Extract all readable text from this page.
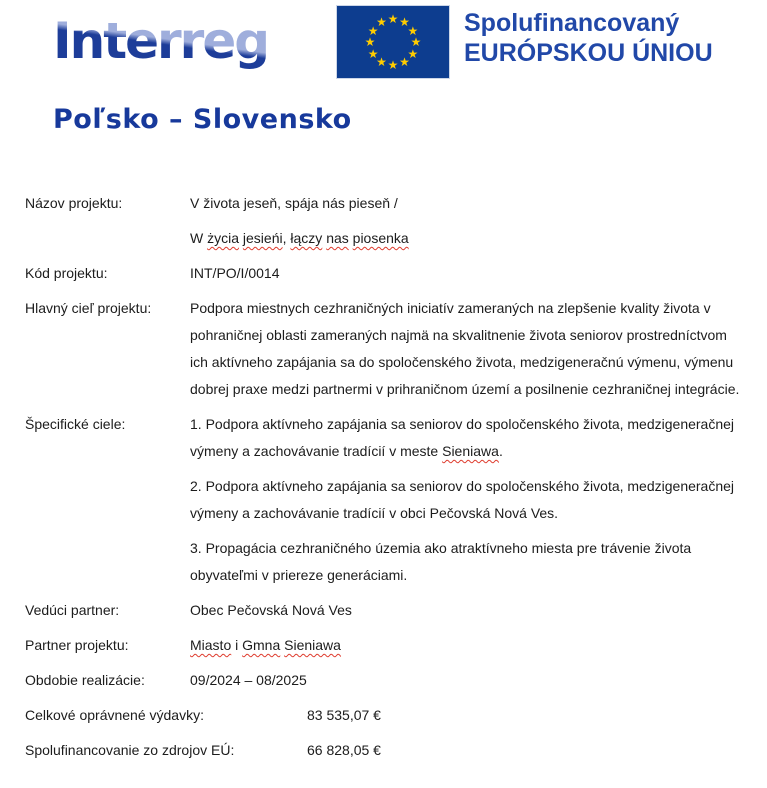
Interreg	★ ★
★
★
★
★
★
★
★
★
★
★	Spolufinancovaný
EURÓPSKOU ÚNIOU
Poľsko – Slovensko
Názov projektu:	V života jeseň, spája nás pieseň /

W życia jesieńi, łączy nas piosenka

Kód projektu:	INT/PO/I/0014

Hlavný cieľ projektu:	Podpora miestnych cezhraničných iniciatív zameraných na zlepšenie kvality života v pohraničnej oblasti zameraných najmä na skvalitnenie života seniorov prostredníctvom ich aktívneho zapájania sa do spoločenského života, medzigeneračnú výmenu, výmenu dobrej praxe medzi partnermi v prihraničnom území a posilnenie cezhraničnej integrácie.

Špecifické ciele:	1. Podpora aktívneho zapájania sa seniorov do spoločenského života, medzigeneračnej výmeny a zachovávanie tradícií v meste Sieniawa.

2. Podpora aktívneho zapájania sa seniorov do spoločenského života, medzigeneračnej výmeny a zachovávanie tradícií v obci Pečovská Nová Ves.

3. Propagácia cezhraničného územia ako atraktívneho miesta pre trávenie života obyvateľmi v priereze generáciami.

Vedúci partner:	Obec Pečovská Nová Ves

Partner projektu:	Miasto i Gmna Sieniawa

Obdobie realizácie:	09/2024 – 08/2025

Celkové oprávnené výdavky:	83 535,07 €

Spolufinancovanie zo zdrojov EÚ:	66 828,05 €
